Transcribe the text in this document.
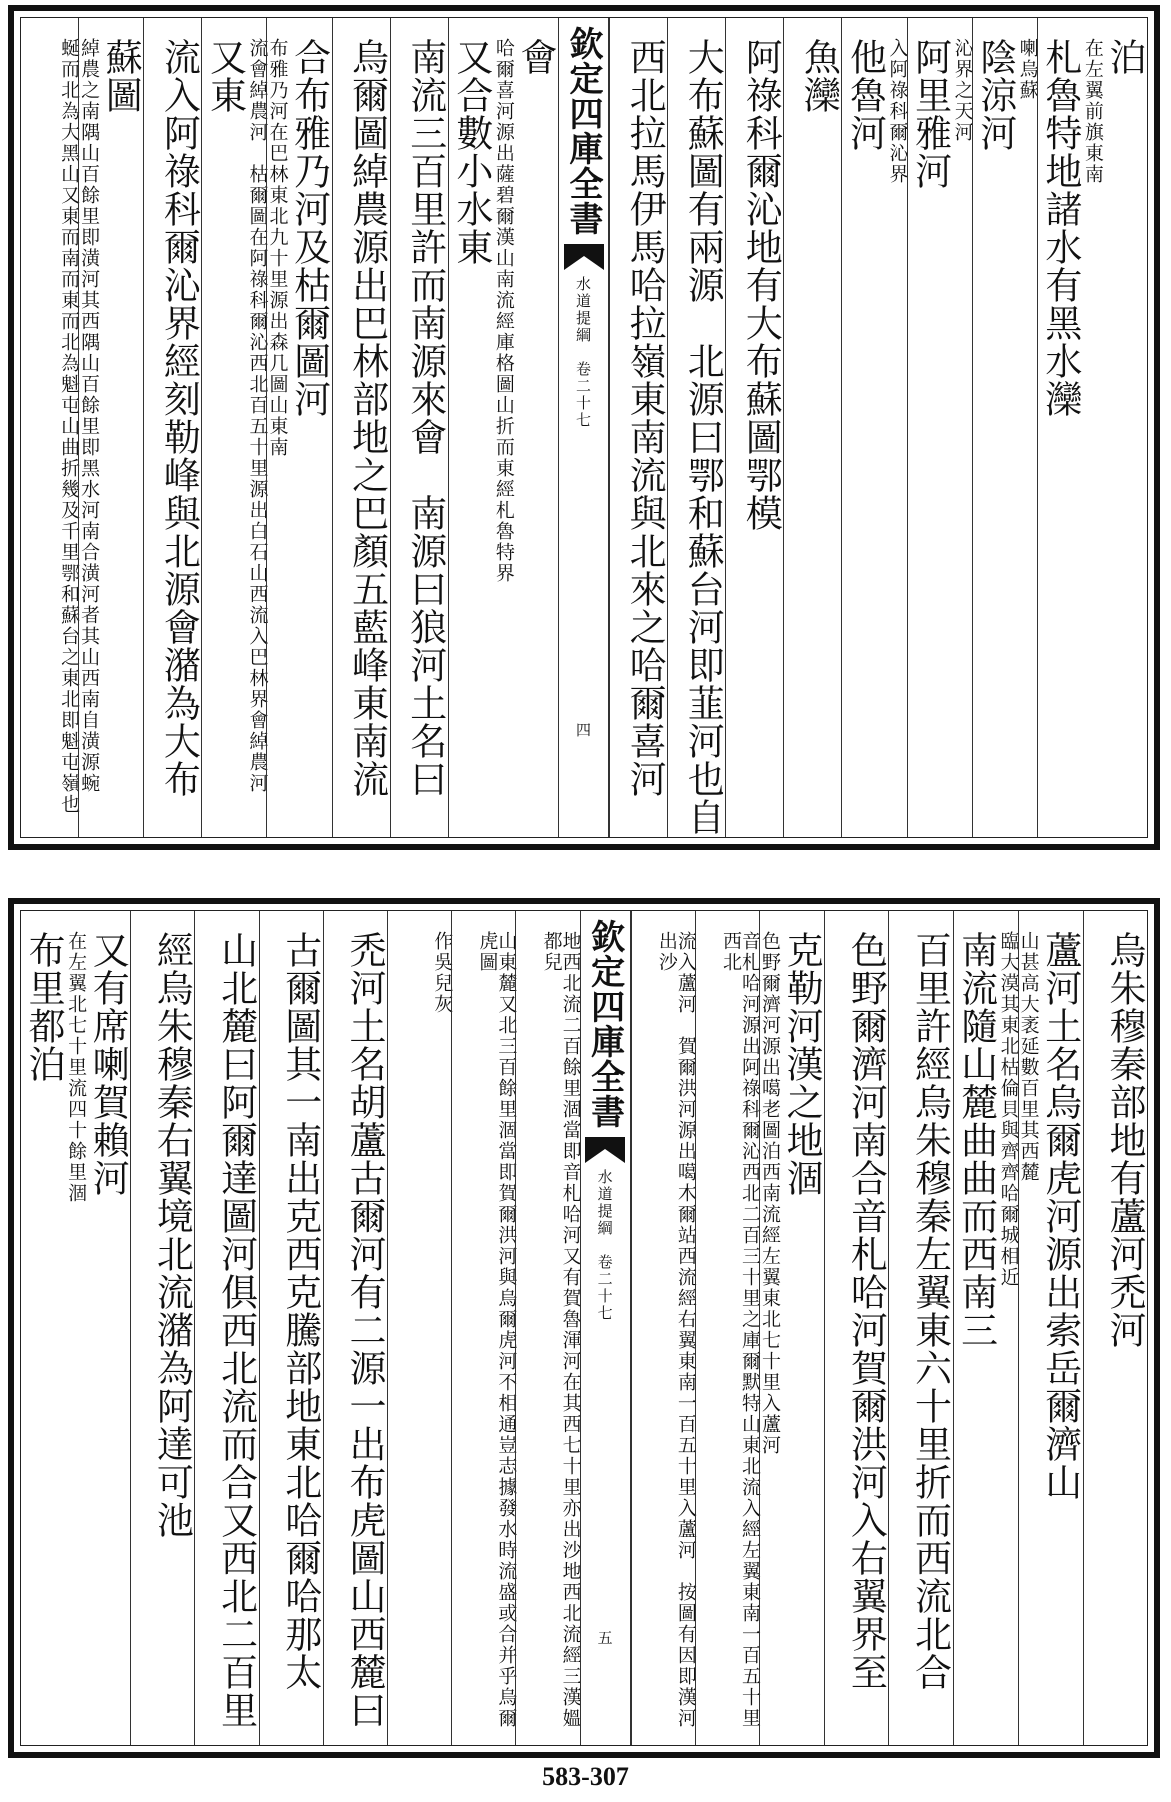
泊
在左翼前旗東南
札魯特地諸水有黑水灤
喇烏蘇
陰涼河
沁界之天河
阿里雅河
入阿祿科爾沁界
他魯河
魚灤
阿祿科爾沁地有大布蘇圖鄂模
大布蘇圖有兩源　北源曰鄂和蘇台河即韮河也自
西北拉馬伊馬哈拉嶺東南流與北來之哈爾喜河
欽定四庫全書
水道提綱　卷二十七
四
會
哈爾喜河源出薩碧爾漢山南流經庫格圖山折而東經札魯特界
又合數小水東
南流三百里許而南源來會　南源曰狼河土名曰
烏爾圖綽農源出巴林部地之巴顏五藍峰東南流
合布雅乃河及枯爾圖河
布雅乃河在巴林東北九十里源出森几圖山東南
流會綽農河　枯爾圖在阿祿科爾沁西北百五十里源出白石山西流入巴林界會綽農河
又東
流入阿祿科爾沁界經刻勒峰與北源會潴為大布
蘇圖
綽農之南隅山百餘里即潢河其西隅山百餘里即黑水河南合潢河者其山西南自潢源蜿
蜒而北為大黑山又東而南而東而北為魁屯山曲折幾及千里鄂和蘇台之東北即魁屯嶺也
烏朱穆秦部地有蘆河禿河
蘆河土名烏爾虎河源出索岳爾濟山
山甚高大袤延數百里其西麓
臨大漠其東北枯倫貝與齊齊哈爾城相近
南流隨山麓曲曲而西南三
百里許經烏朱穆秦左翼東六十里折而西流北合
色野爾濟河南合音札哈河賀爾洪河入右翼界至
克勒河漢之地涸
色野爾濟河源出噶老圖泊西南流經左翼東北七十里入蘆河
音札哈河源出阿祿科爾沁西北二百三十里之庫爾默特山東北流入經左翼東南一百五十里西北
流入蘆河　賀爾洪河源出噶木爾站西流經右翼東南一百五十里入蘆河　按圖有因即漢河出沙
欽定四庫全書
水道提綱　卷二十七
五
地西北流二百餘里涸當即音札哈河又有賀魯渾河在其西七十里亦出沙地西北流經三漢媼都兒
山東麓又北三百餘里涸當即賀爾洪河與烏爾虎河不相通豈志據發水時流盛或合并乎烏爾虎圖
作吳兒灰
禿河土名胡蘆古爾河有二源一出布虎圖山西麓曰
古爾圖其一南出克西克騰部地東北哈爾哈那太
山北麓曰阿爾達圖河俱西北流而合又西北二百里
經烏朱穆秦右翼境北流潴為阿達可池
又有席喇賀賴河
在左翼北七十里流四十餘里涸
布里都泊
583-307
